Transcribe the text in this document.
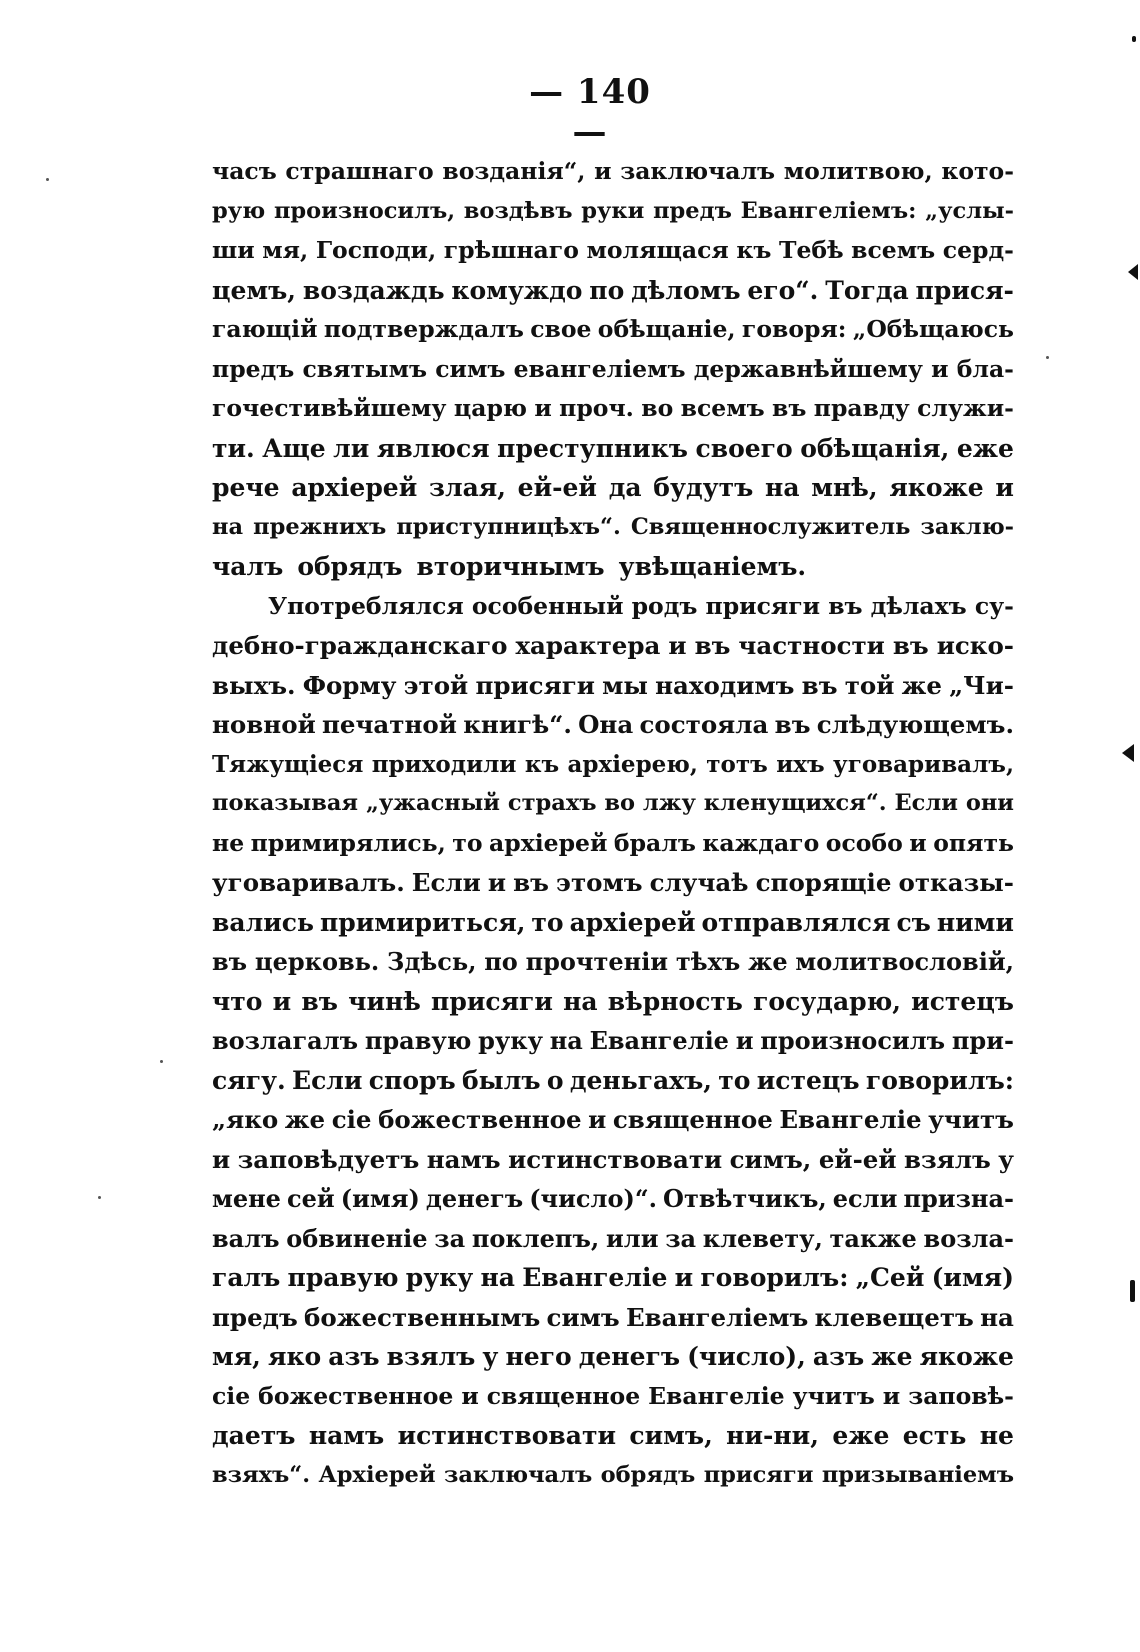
— 140 —
часъ страшнаго возданія“, и заключалъ молитвою, кото-
рую произносилъ, воздѣвъ руки предъ Евангеліемъ: „услы-
ши мя, Господи, грѣшнаго молящася къ Тебѣ всемъ серд-
цемъ, воздаждь комуждо по дѣломъ его“. Тогда прися-
гающій подтверждалъ свое обѣщаніе, говоря: „Обѣщаюсь
предъ святымъ симъ евангеліемъ державнѣйшему и бла-
гочестивѣйшему царю и проч. во всемъ въ правду служи-
ти. Аще ли явлюся преступникъ своего обѣщанія, еже
рече архіерей злая, ей-ей да будутъ на мнѣ, якоже и
на прежнихъ приступницѣхъ“. Священнослужитель заклю-
чалъ обрядъ вторичнымъ увѣщаніемъ.
Употреблялся особенный родъ присяги въ дѣлахъ су-
дебно-гражданскаго характера и въ частности въ иско-
выхъ. Форму этой присяги мы находимъ въ той же „Чи-
новной печатной книгѣ“. Она состояла въ слѣдующемъ.
Тяжущіеся приходили къ архіерею, тотъ ихъ уговаривалъ,
показывая „ужасный страхъ во лжу кленущихся“. Если они
не примирялись, то архіерей бралъ каждаго особо и опять
уговаривалъ. Если и въ этомъ случаѣ спорящіе отказы-
вались примириться, то архіерей отправлялся съ ними
въ церковь. Здѣсь, по прочтеніи тѣхъ же молитвословій,
что и въ чинѣ присяги на вѣрность государю, истецъ
возлагалъ правую руку на Евангеліе и произносилъ при-
сягу. Если споръ былъ о деньгахъ, то истецъ говорилъ:
„яко же сіе божественное и священное Евангеліе учитъ
и заповѣдуетъ намъ истинствовати симъ, ей-ей взялъ у
мене сей (имя) денегъ (число)“. Отвѣтчикъ, если призна-
валъ обвиненіе за поклепъ, или за клевету, также возла-
галъ правую руку на Евангеліе и говорилъ: „Сей (имя)
предъ божественнымъ симъ Евангеліемъ клевещетъ на
мя, яко азъ взялъ у него денегъ (число), азъ же якоже
сіе божественное и священное Евангеліе учитъ и заповѣ-
даетъ намъ истинствовати симъ, ни-ни, еже есть не
взяхъ“. Архіерей заключалъ обрядъ присяги призываніемъ
